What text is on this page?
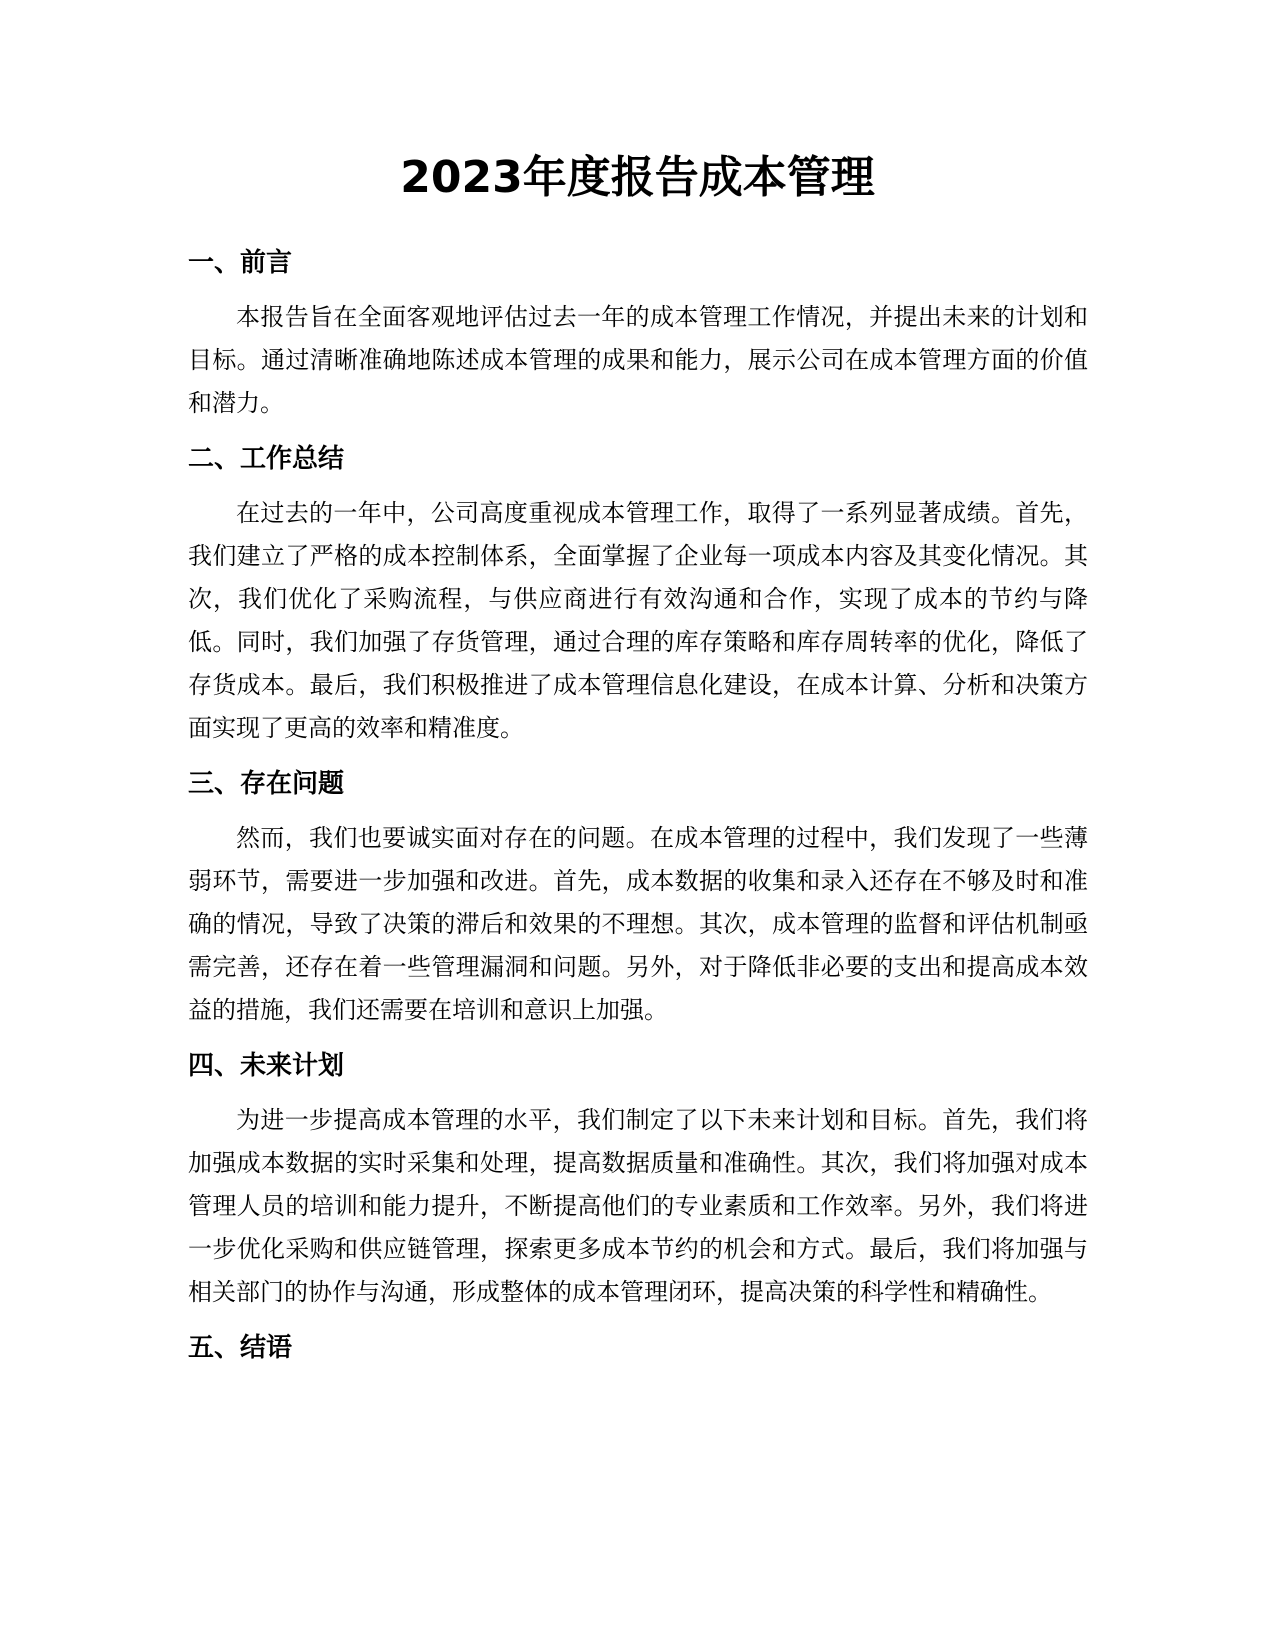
2023年度报告成本管理
一、前言

本报告旨在全面客观地评估过去一年的成本管理工作情况，并提出未来的计划和目标。通过清晰准确地陈述成本管理的成果和能力，展示公司在成本管理方面的价值和潜力。

二、工作总结

在过去的一年中，公司高度重视成本管理工作，取得了一系列显著成绩。首先，我们建立了严格的成本控制体系，全面掌握了企业每一项成本内容及其变化情况。其次，我们优化了采购流程，与供应商进行有效沟通和合作，实现了成本的节约与降低。同时，我们加强了存货管理，通过合理的库存策略和库存周转率的优化，降低了存货成本。最后，我们积极推进了成本管理信息化建设，在成本计算、分析和决策方面实现了更高的效率和精准度。

三、存在问题

然而，我们也要诚实面对存在的问题。在成本管理的过程中，我们发现了一些薄弱环节，需要进一步加强和改进。首先，成本数据的收集和录入还存在不够及时和准确的情况，导致了决策的滞后和效果的不理想。其次，成本管理的监督和评估机制亟需完善，还存在着一些管理漏洞和问题。另外，对于降低非必要的支出和提高成本效益的措施，我们还需要在培训和意识上加强。

四、未来计划

为进一步提高成本管理的水平，我们制定了以下未来计划和目标。首先，我们将加强成本数据的实时采集和处理，提高数据质量和准确性。其次，我们将加强对成本管理人员的培训和能力提升，不断提高他们的专业素质和工作效率。另外，我们将进一步优化采购和供应链管理，探索更多成本节约的机会和方式。最后，我们将加强与相关部门的协作与沟通，形成整体的成本管理闭环，提高决策的科学性和精确性。

五、结语
